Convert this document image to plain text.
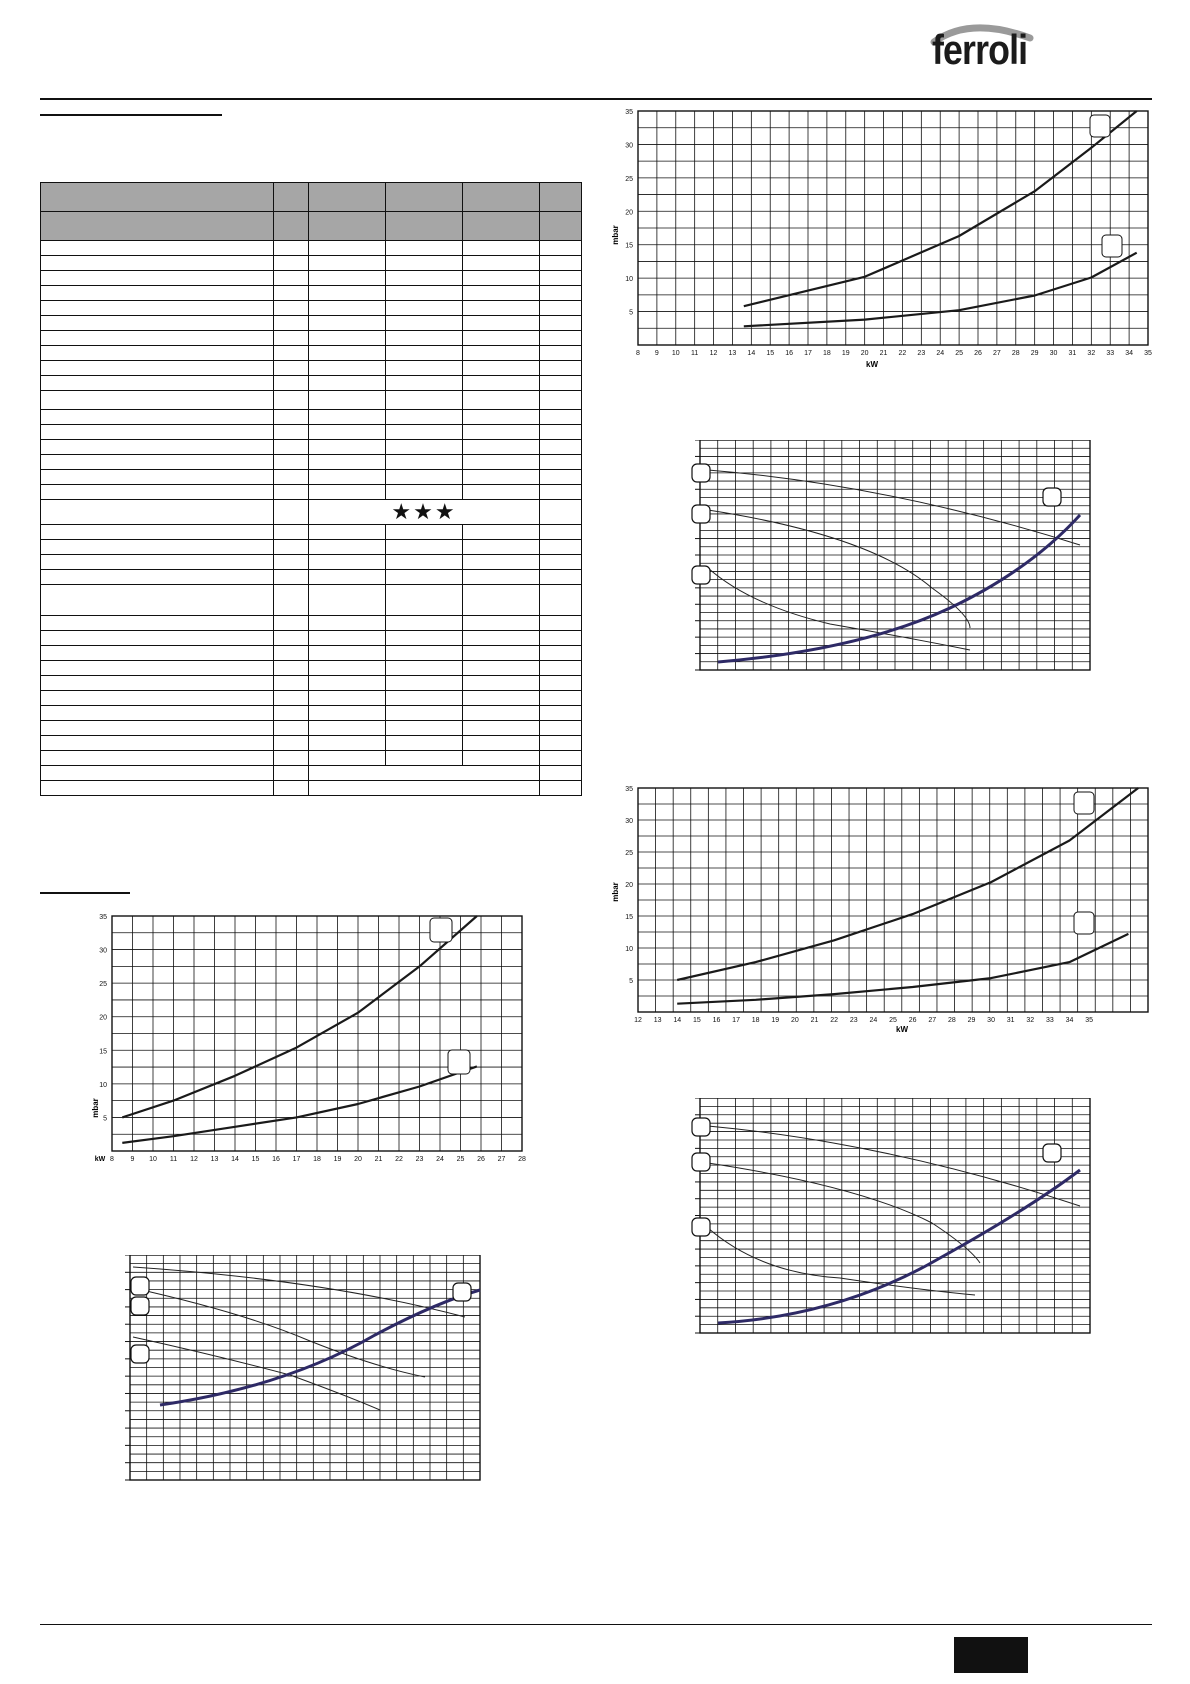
ferroli

		★★★			

35
30
25
20
15
10
5
8 9 10 11 12 13 14 15 16 17 18 19 20 21 22 23 24 25 26 27 28
mbar
kW
35
30
25
20
15
10
5
8 9 10 11 12 13 14 15 16 17 18 19 20 21 22 23 24 25 26 27 28 29 30 31 32 33 34 35
mbar
kW
35
30
25
20
15
10
5
12 13 14 15 16 17 18 19 20 21 22 23 24 25 26 27 28 29 30 31 32 33 34 35
mbar
kW
